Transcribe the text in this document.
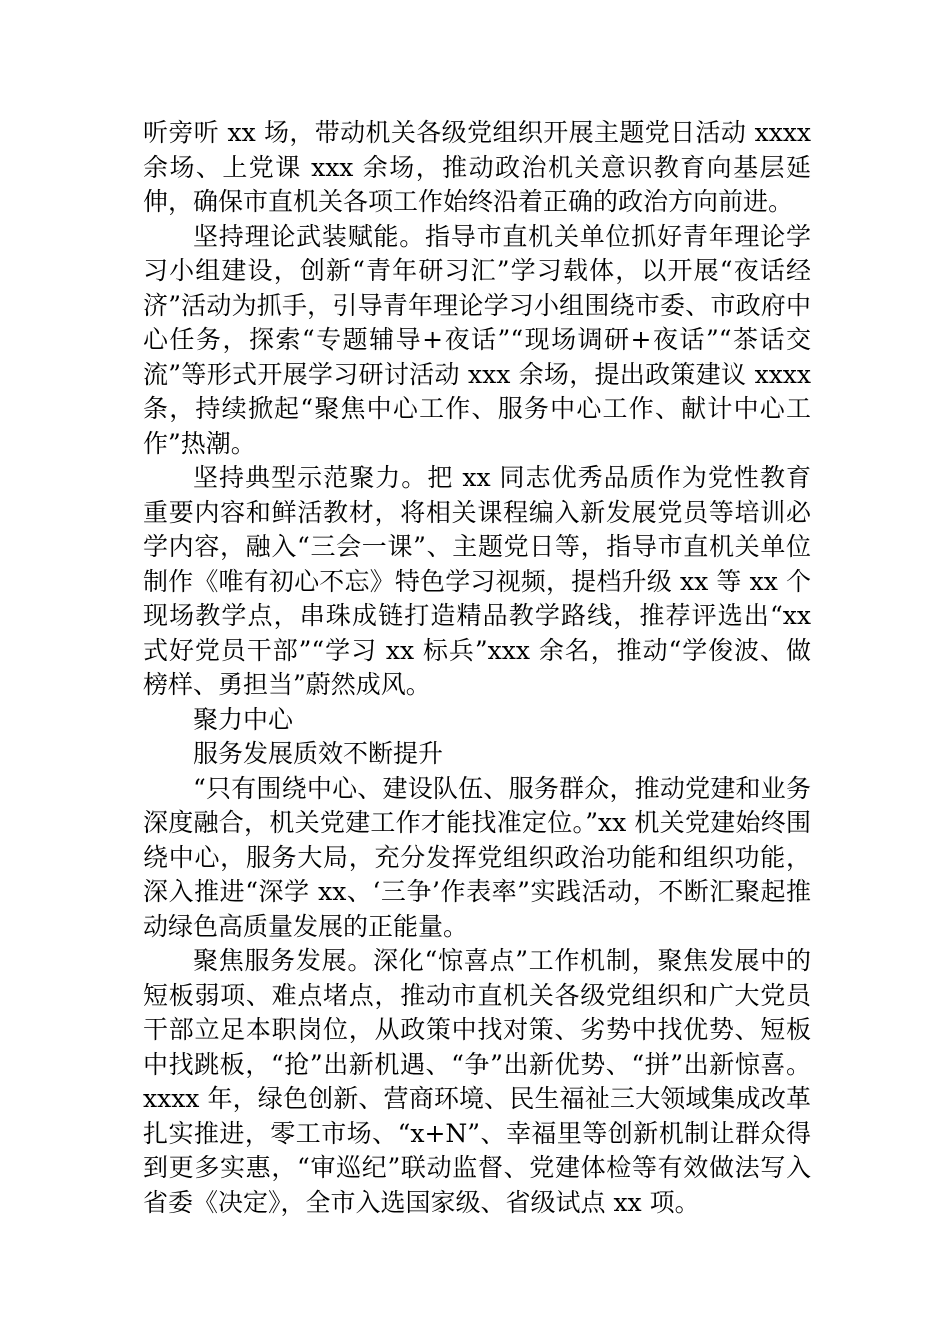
听旁听 xx 场，带动机关各级党组织开展主题党日活动 xxxx 余场、上党课 xxx 余场，推动政治机关意识教育向基层延伸，确保市直机关各项工作始终沿着正确的政治方向前进。

坚持理论武装赋能。指导市直机关单位抓好青年理论学习小组建设，创新“青年研习汇”学习载体，以开展“夜话经济”活动为抓手，引导青年理论学习小组围绕市委、市政府中心任务，探索“专题辅导+夜话”“现场调研+夜话”“茶话交流”等形式开展学习研讨活动 xxx 余场，提出政策建议 xxxx 条，持续掀起“聚焦中心工作、服务中心工作、献计中心工作”热潮。

坚持典型示范聚力。把 xx 同志优秀品质作为党性教育重要内容和鲜活教材，将相关课程编入新发展党员等培训必学内容，融入“三会一课”、主题党日等，指导市直机关单位制作《唯有初心不忘》特色学习视频，提档升级 xx 等 xx 个现场教学点，串珠成链打造精品教学路线，推荐评选出“xx 式好党员干部”“学习 xx 标兵”xxx 余名，推动“学俊波、做榜样、勇担当”蔚然成风。

聚力中心

服务发展质效不断提升

“只有围绕中心、建设队伍、服务群众，推动党建和业务深度融合，机关党建工作才能找准定位。”xx 机关党建始终围绕中心，服务大局，充分发挥党组织政治功能和组织功能，深入推进“深学 xx、‘三争’作表率”实践活动，不断汇聚起推动绿色高质量发展的正能量。

聚焦服务发展。深化“惊喜点”工作机制，聚焦发展中的短板弱项、难点堵点，推动市直机关各级党组织和广大党员干部立足本职岗位，从政策中找对策、劣势中找优势、短板中找跳板，“抢”出新机遇、“争”出新优势、“拼”出新惊喜。xxxx 年，绿色创新、营商环境、民生福祉三大领域集成改革扎实推进，零工市场、“x+N”、幸福里等创新机制让群众得到更多实惠，“审巡纪”联动监督、党建体检等有效做法写入省委《决定》，全市入选国家级、省级试点 xx 项。
